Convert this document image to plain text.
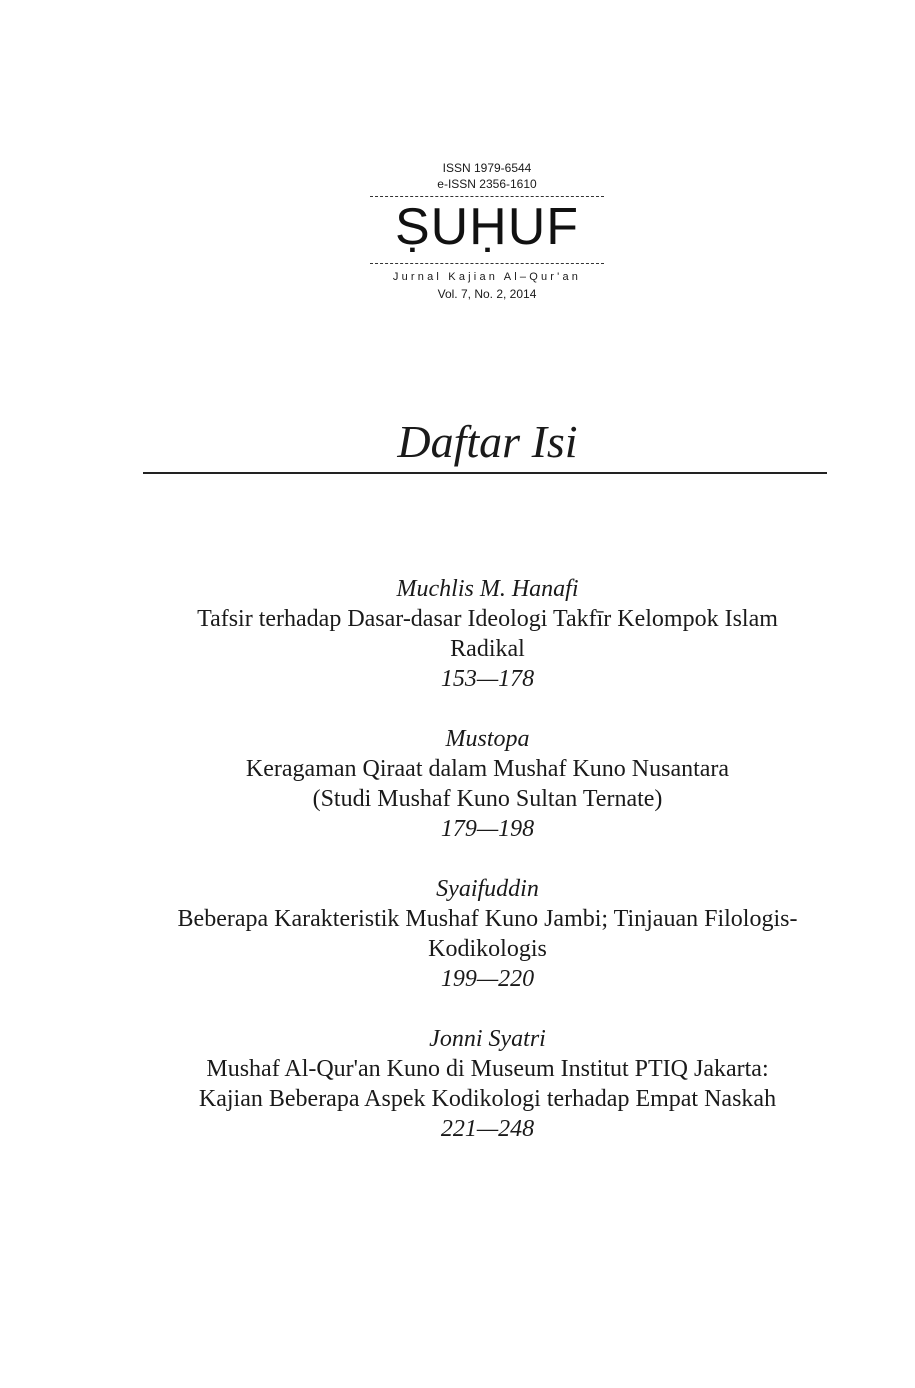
ISSN 1979-6544
e-ISSN 2356-1610
ṢUḤUF
Jurnal Kajian Al–Qur'an
Vol. 7, No. 2, 2014
Daftar Isi
Muchlis M. Hanafi
Tafsir terhadap Dasar-dasar Ideologi Takfīr Kelompok Islam
Radikal
153—178
Mustopa
Keragaman Qiraat dalam Mushaf Kuno Nusantara
(Studi Mushaf Kuno Sultan Ternate)
179—198
Syaifuddin
Beberapa Karakteristik Mushaf Kuno Jambi; Tinjauan Filologis-
Kodikologis
199—220
Jonni Syatri
Mushaf Al-Qur'an Kuno di Museum Institut PTIQ Jakarta:
Kajian Beberapa Aspek Kodikologi terhadap Empat Naskah
221—248
